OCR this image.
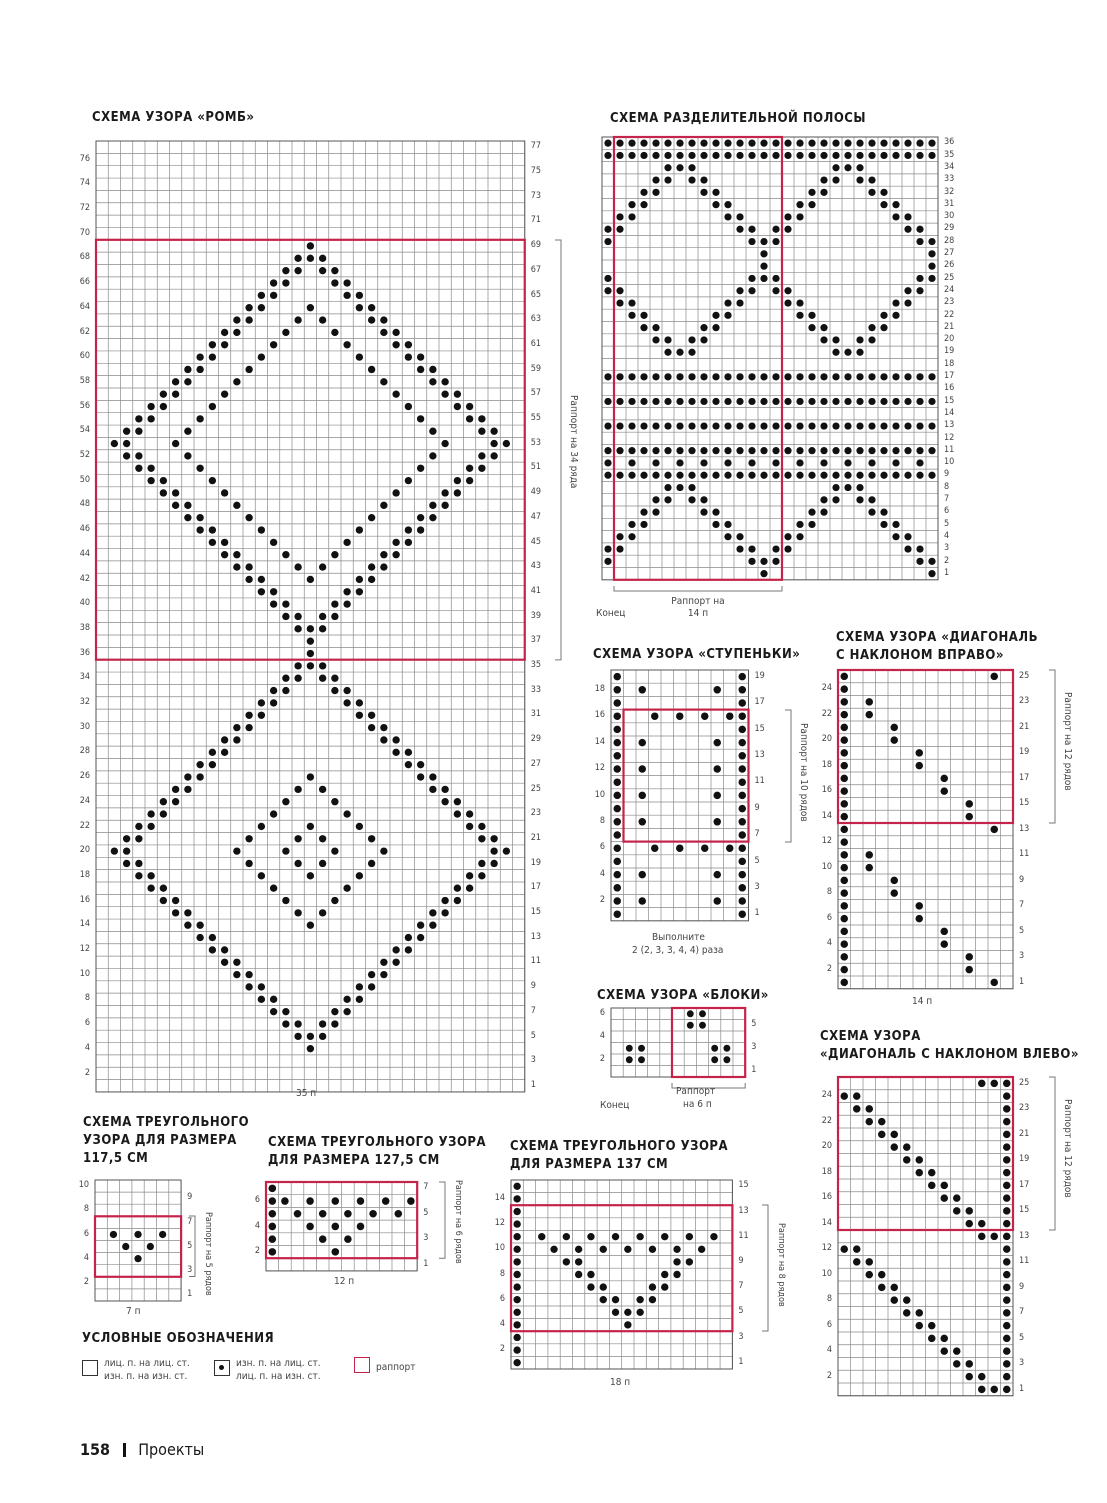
СХЕМА УЗОРА «РОМБ»	СХЕМА РАЗДЕЛИТЕЛЬНОЙ ПОЛОСЫ
СХЕМА УЗОРА «СТУПЕНЬКИ»
СХЕМА УЗОРА «ДИАГОНАЛЬ
С НАКЛОНОМ ВПРАВО»
СХЕМА УЗОРА «БЛОКИ»
СХЕМА УЗОРА
«ДИАГОНАЛЬ С НАКЛОНОМ ВЛЕВО»
СХЕМА ТРЕУГОЛЬНОГО
УЗОРА ДЛЯ РАЗМЕРА
117,5 СМ
СХЕМА ТРЕУГОЛЬНОГО УЗОРА
ДЛЯ РАЗМЕРА 127,5 СМ
СХЕМА ТРЕУГОЛЬНОГО УЗОРА
ДЛЯ РАЗМЕРА 137 СМ
1
2
3
4
5
6
7
8
9
10
11
12
13
14
15
16
17
18
19
20
21
22
23
24
25
26
27
28
29
30
31
32
33
34
35
36
37
38
39
40
41
42
43
44
45
46
47
48
49
50
51
52
53
54
55
56
57
58
59
60
61
62
63
64
65
66
67
68
69
70
71
72
73
74
75
76
77
Раппорт на 34 ряда
1
2
3
4
5
6
7
8
9
10
11
12
13
14
15
16
17
18
19
20
21
22
23
24
25
26
27
28
29
30
31
32
33
34
35
36
Раппорт на 14 п
1
2
3
4
5
6
7
8
9
10
11
12
13
14
15
16
17
18
19
Раппорт на 10 рядов
1
2
3
4
5
6
1
2
3
4
5
6
7
8
9
10
11
12
13
14
15
16
17
18
19
20
21
22
23
24
25
Раппорт на 12 рядов
1
2
3
4
5
6
7
8
9
10
11
12
13
14
15
16
17
18
19
20
21
22
23
24
25
Раппорт на 12 рядов
1
2
3
4
5
6
7
8
9
10
Раппорт на 5 рядов	1
2
3
4
5
6
7	Раппорт на 6 рядов
1
2
3
4
5
6
7
8
9
10
11
12
13
14
15
Раппорт на 8 рядов
35 п
Конец
Выполните
2 (2, 3, 3, 4, 4) раза
Конец
Раппорт
на 6 п
14 п
7 п
12 п
18 п
УСЛОВНЫЕ ОБОЗНАЧЕНИЯ
лиц. п. на лиц. ст.
изн. п. на изн. ст.
изн. п. на лиц. ст.
лиц. п. на изн. ст.
раппорт
158 Проекты
